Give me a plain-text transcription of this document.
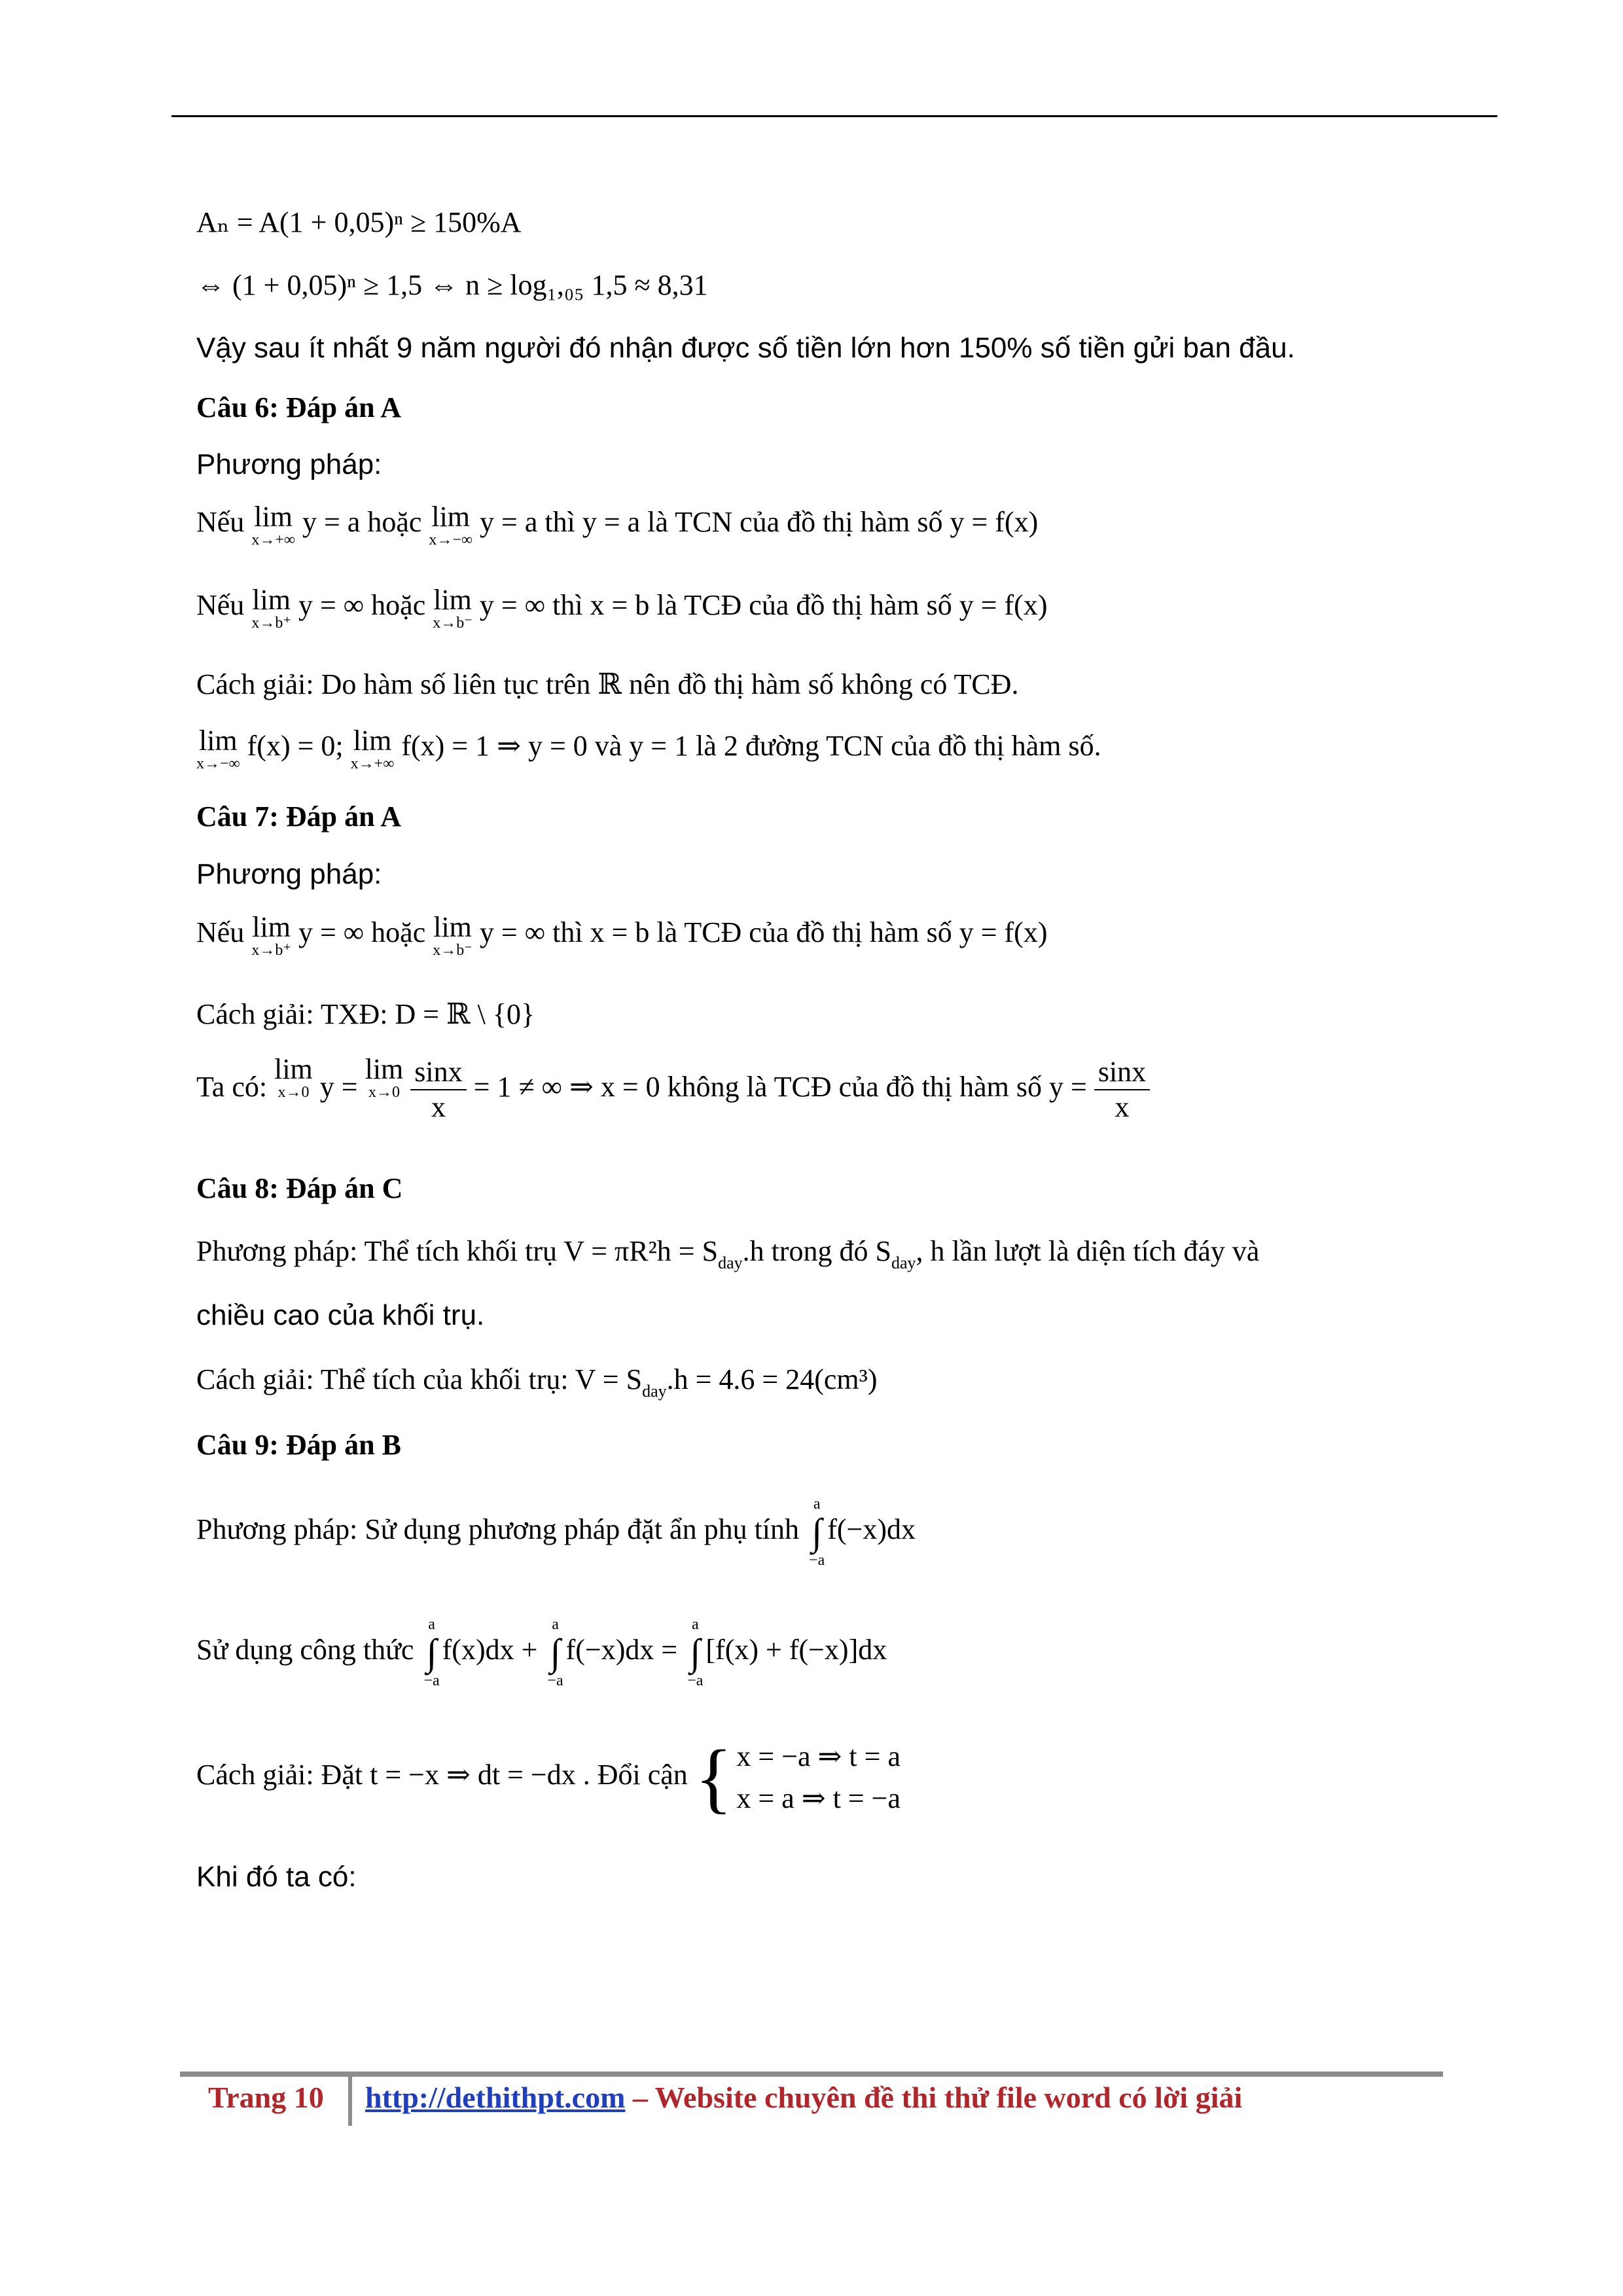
Aₙ = A(1 + 0,05)ⁿ ≥ 150%A
⇔ (1 + 0,05)ⁿ ≥ 1,5 ⇔ n ≥ log₁,₀₅ 1,5 ≈ 8,31
Vậy sau ít nhất 9 năm người đó nhận được số tiền lớn hơn 150% số tiền gửi ban đầu.
Câu 6: Đáp án A
Phương pháp:
Nếu lim
x→+∞
y = a hoặc lim
x→−∞
y = a thì y = a là TCN của đồ thị hàm số y = f(x)
Nếu lim
x→b⁺
y = ∞ hoặc lim
x→b⁻
y = ∞ thì x = b là TCĐ của đồ thị hàm số y = f(x)
Cách giải: Do hàm số liên tục trên ℝ nên đồ thị hàm số không có TCĐ.
lim
x→−∞
f(x) = 0; lim
x→+∞
f(x) = 1 ⇒ y = 0 và y = 1 là 2 đường TCN của đồ thị hàm số.
Câu 7: Đáp án A
Phương pháp:
Nếu lim
x→b⁺
y = ∞ hoặc lim
x→b⁻
y = ∞ thì x = b là TCĐ của đồ thị hàm số y = f(x)
Cách giải: TXĐ: D = ℝ \ {0}
Ta có: lim
x→0 y = lim
x→0
$\frac{\sin x}{x} = 1$ ≠ ∞ ⇒ x = 0 không là TCĐ của đồ thị hàm số $y = \frac{\sin x}{x}$
Câu 8: Đáp án C
Phương pháp: Thể tích khối trụ $V = \pi R^2h = S_{day}.h$ trong đó $S_{day}$, h lần lượt là diện tích đáy và
chiều cao của khối trụ.
Cách giải: Thể tích của khối trụ: $V = S_{day}.h = 4.6 = 24(cm^3)$
Câu 9: Đáp án B
Phương pháp: Sử dụng phương pháp đặt ẩn phụ tính
a
∫
−a
f(−x)dx
Sử dụng công thức
a
∫
−a
f(x)dx +
a
∫
−a
f(−x)dx =
a
∫
−a
[f(x) + f(−x)]dx
Cách giải: Đặt t = −x ⇒ dt = −dx . Đổi cận { x = −a ⇒ t = a
x = a ⇒ t = −a
Khi đó ta có:
Trang 10 http://dethithpt.com – Website chuyên đề thi thử file word có lời giải
